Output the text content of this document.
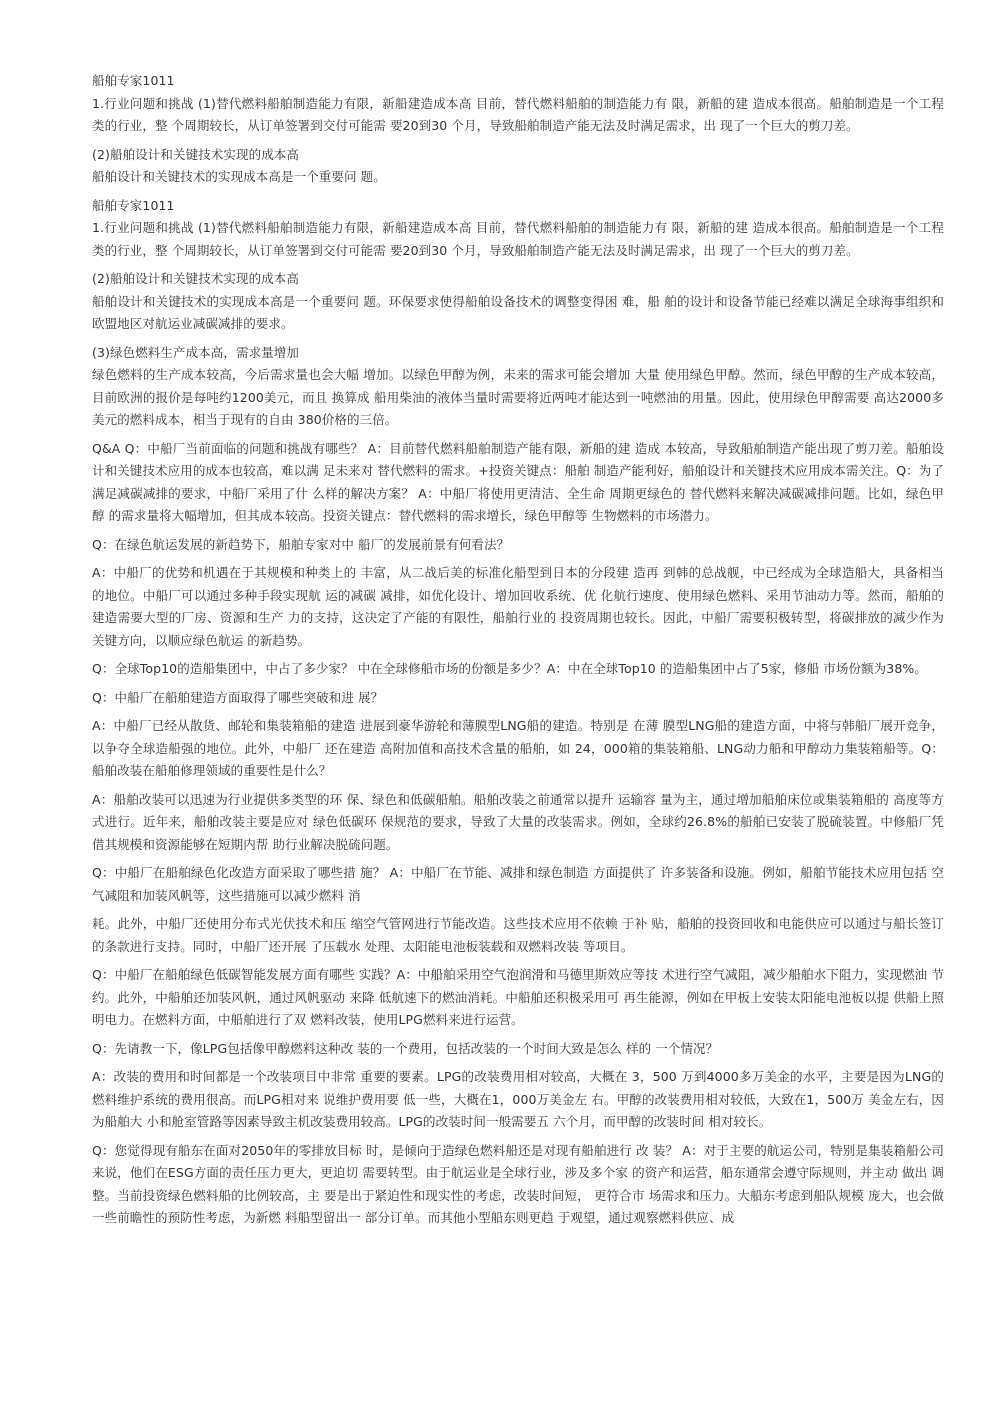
船舶专家1011

1.行业问题和挑战 (1)替代燃料船舶制造能力有限，新船建造成本高 目前，替代燃料船舶的制造能力有 限，新船的建 造成本很高。船舶制造是一个工程类的行业，整 个周期较长，从订单签署到交付可能需 要20到30 个月，导致船舶制造产能无法及时满足需求，出 现了一个巨大的剪刀差。

(2)船舶设计和关键技术实现的成本高

船舶设计和关键技术的实现成本高是一个重要问 题。

船舶专家1011

1.行业问题和挑战 (1)替代燃料船舶制造能力有限，新船建造成本高 目前，替代燃料船舶的制造能力有 限，新船的建 造成本很高。船舶制造是一个工程类的行业，整 个周期较长，从订单签署到交付可能需 要20到30 个月，导致船舶制造产能无法及时满足需求，出 现了一个巨大的剪刀差。

(2)船舶设计和关键技术实现的成本高

船舶设计和关键技术的实现成本高是一个重要问 题。环保要求使得船舶设备技术的调整变得困 难，船 舶的设计和设备节能已经难以满足全球海事组织和欧盟地区对航运业减碳减排的要求。

(3)绿色燃料生产成本高，需求量增加

绿色燃料的生产成本较高，今后需求量也会大幅 增加。以绿色甲醇为例，未来的需求可能会增加 大量 使用绿色甲醇。然而，绿色甲醇的生产成本较高，目前欧洲的报价是每吨约1200美元，而且 换算成 船用柴油的液体当量时需要将近两吨才能达到一吨燃油的用量。因此，使用绿色甲醇需要 高达2000多 美元的燃料成本，相当于现有的自由 380价格的三倍。

Q&A Q：中船厂当前面临的问题和挑战有哪些？ A：目前替代燃料船舶制造产能有限，新船的建 造成 本较高，导致船舶制造产能出现了剪刀差。船舶设计和关键技术应用的成本也较高，难以满 足未来对 替代燃料的需求。+投资关键点：船舶 制造产能利好，船舶设计和关键技术应用成本需关注。Q：为了满足减碳减排的要求，中船厂采用了什 么样的解决方案？ A：中船厂将使用更清洁、全生命 周期更绿色的 替代燃料来解决减碳减排问题。比如，绿色甲醇 的需求量将大幅增加，但其成本较高。投资关键点：替代燃料的需求增长，绿色甲醇等 生物燃料的市场潜力。

Q：在绿色航运发展的新趋势下，船舶专家对中 船厂的发展前景有何看法？

A：中船厂的优势和机遇在于其规模和种类上的 丰富，从二战后美的标准化船型到日本的分段建 造再 到韩的总战舰，中已经成为全球造船大，具备相当的地位。中船厂可以通过多种手段实现航 运的减碳 减排，如优化设计、增加回收系统、优 化航行速度、使用绿色燃料、采用节油动力等。然而，船舶的 建造需要大型的厂房、资源和生产 力的支持，这决定了产能的有限性，船舶行业的 投资周期也较长。因此，中船厂需要积极转型，将碳排放的减少作为关键方向，以顺应绿色航运 的新趋势。

Q：全球Top10的造船集团中，中占了多少家？ 中在全球修船市场的份额是多少？A：中在全球Top10 的造船集团中占了5家，修船 市场份额为38%。

Q：中船厂在船舶建造方面取得了哪些突破和进 展？

A：中船厂已经从散货、邮轮和集装箱船的建造 进展到豪华游轮和薄膜型LNG船的建造。特别是 在薄 膜型LNG船的建造方面，中将与韩船厂展开竞争，以争夺全球造船强的地位。此外，中船厂 还在建造 高附加值和高技术含量的船舶，如 24，000箱的集装箱船、LNG动力船和甲醇动力集装箱船等。Q：船舶改装在船舶修理领域的重要性是什么？

A：船舶改装可以迅速为行业提供多类型的环 保、绿色和低碳船舶。船舶改装之前通常以提升 运输容 量为主，通过增加船舶床位或集装箱船的 高度等方式进行。近年来，船舶改装主要是应对 绿色低碳环 保规范的要求，导致了大量的改装需求。例如，全球约26.8%的船舶已安装了脱硫装置。中修船厂凭 借其规模和资源能够在短期内帮 助行业解决脱硫问题。

Q：中船厂在船舶绿色化改造方面采取了哪些措 施？ A：中船厂在节能、减排和绿色制造 方面提供了 许多装备和设施。例如，船舶节能技术应用包括 空气减阻和加装风帆等，这些措施可以减少燃料 消

耗。此外，中船厂还使用分布式光伏技术和压 缩空气管网进行节能改造。这些技术应用不依赖 于补 贴，船舶的投资回收和电能供应可以通过与船长签订的条款进行支持。同时，中船厂还开展 了压载水 处理、太阳能电池板装载和双燃料改装 等项目。

Q：中船厂在船舶绿色低碳智能发展方面有哪些 实践？A：中船舶采用空气泡润滑和马德里斯效应等技 术进行空气减阻，减少船舶水下阻力，实现燃油 节约。此外，中船舶还加装风帆，通过风帆驱动 来降 低航速下的燃油消耗。中船舶还积极采用可 再生能源，例如在甲板上安装太阳能电池板以提 供船上照 明电力。在燃料方面，中船舶进行了双 燃料改装，使用LPG燃料来进行运营。

Q：先请教一下，像LPG包括像甲醇燃料这种改 装的一个费用，包括改装的一个时间大致是怎么 样的 一个情况？

A：改装的费用和时间都是一个改装项目中非常 重要的要素。LPG的改装费用相对较高，大概在 3，500 万到4000多万美金的水平，主要是因为LNG的燃料维护系统的费用很高。而LPG相对来 说维护费用要 低一些，大概在1，000万美金左 右。甲醇的改装费用相对较低，大致在1，500万 美金左右，因为船舶大 小和舱室管路等因素导致主机改装费用较高。LPG的改装时间一般需要五 六个月，而甲醇的改装时间 相对较长。

Q：您觉得现有船东在面对2050年的零排放目标 时，是倾向于造绿色燃料船还是对现有船舶进行 改 装？ A：对于主要的航运公司，特别是集装箱船公司 来说，他们在ESG方面的责任压力更大，更迫切 需要转型。由于航运业是全球行业，涉及多个家 的资产和运营，船东通常会遵守际规则，并主动 做出 调整。当前投资绿色燃料船的比例较高，主 要是出于紧迫性和现实性的考虑，改装时间短， 更符合市 场需求和压力。大船东考虑到船队规模 庞大，也会做一些前瞻性的预防性考虑，为新燃 料船型留出一 部分订单。而其他小型船东则更趋 于观望，通过观察燃料供应、成
